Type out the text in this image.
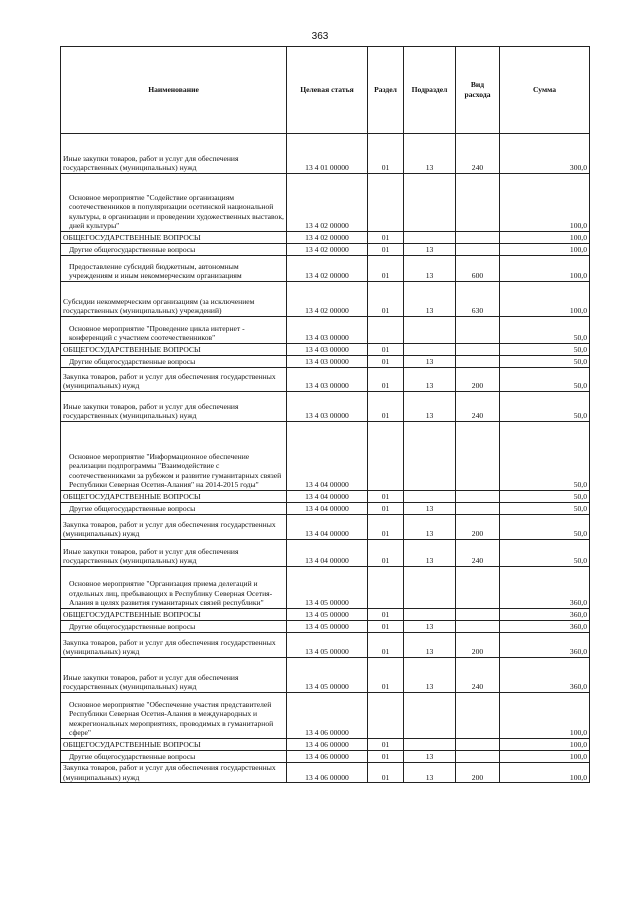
363
Наименование	Целевая статья	Раздел	Подраздел	Вид расхода	Сумма
Иные закупки товаров, работ и услуг для обеспечения государственных (муниципальных) нужд	13 4 01 00000	01	13	240	300,0
Основное мероприятие "Содействие организациям соотечественников в популяризации осетинской национальной культуры, в организации и проведении художественных выставок, дней культуры"	13 4 02 00000				100,0
ОБЩЕГОСУДАРСТВЕННЫЕ ВОПРОСЫ	13 4 02 00000	01			100,0
Другие общегосударственные вопросы	13 4 02 00000	01	13		100,0
Предоставление субсидий бюджетным, автономным учреждениям и иным некоммерческим организациям	13 4 02 00000	01	13	600	100,0
Субсидии некоммерческим организациям (за исключением государственных (муниципальных) учреждений)	13 4 02 00000	01	13	630	100,0
Основное мероприятие "Проведение цикла интернет - конференций с участием соотечественников"	13 4 03 00000				50,0
ОБЩЕГОСУДАРСТВЕННЫЕ ВОПРОСЫ	13 4 03 00000	01			50,0
Другие общегосударственные вопросы	13 4 03 00000	01	13		50,0
Закупка товаров, работ и услуг для обеспечения государственных (муниципальных) нужд	13 4 03 00000	01	13	200	50,0
Иные закупки товаров, работ и услуг для обеспечения государственных (муниципальных) нужд	13 4 03 00000	01	13	240	50,0
Основное мероприятие "Информационное обеспечение реализации подпрограммы "Взаимодействие с соотечественниками за рубежом и развитие гуманитарных связей Республики Северная Осетия-Алания" на 2014-2015 годы"	13 4 04 00000				50,0
ОБЩЕГОСУДАРСТВЕННЫЕ ВОПРОСЫ	13 4 04 00000	01			50,0
Другие общегосударственные вопросы	13 4 04 00000	01	13		50,0
Закупка товаров, работ и услуг для обеспечения государственных (муниципальных) нужд	13 4 04 00000	01	13	200	50,0
Иные закупки товаров, работ и услуг для обеспечения государственных (муниципальных) нужд	13 4 04 00000	01	13	240	50,0
Основное мероприятие "Организация приема делегаций и отдельных лиц, пребывающих в Республику Северная Осетия-Алания в целях развития гуманитарных связей республики"	13 4 05 00000				360,0
ОБЩЕГОСУДАРСТВЕННЫЕ ВОПРОСЫ	13 4 05 00000	01			360,0
Другие общегосударственные вопросы	13 4 05 00000	01	13		360,0
Закупка товаров, работ и услуг для обеспечения государственных (муниципальных) нужд	13 4 05 00000	01	13	200	360,0
Иные закупки товаров, работ и услуг для обеспечения государственных (муниципальных) нужд	13 4 05 00000	01	13	240	360,0
Основное мероприятие "Обеспечение участия представителей Республики Северная Осетия-Алания в международных и межрегиональных мероприятиях, проводимых в гуманитарной сфере"	13 4 06 00000				100,0
ОБЩЕГОСУДАРСТВЕННЫЕ ВОПРОСЫ	13 4 06 00000	01			100,0
Другие общегосударственные вопросы	13 4 06 00000	01	13		100,0
Закупка товаров, работ и услуг для обеспечения государственных (муниципальных) нужд	13 4 06 00000	01	13	200	100,0
